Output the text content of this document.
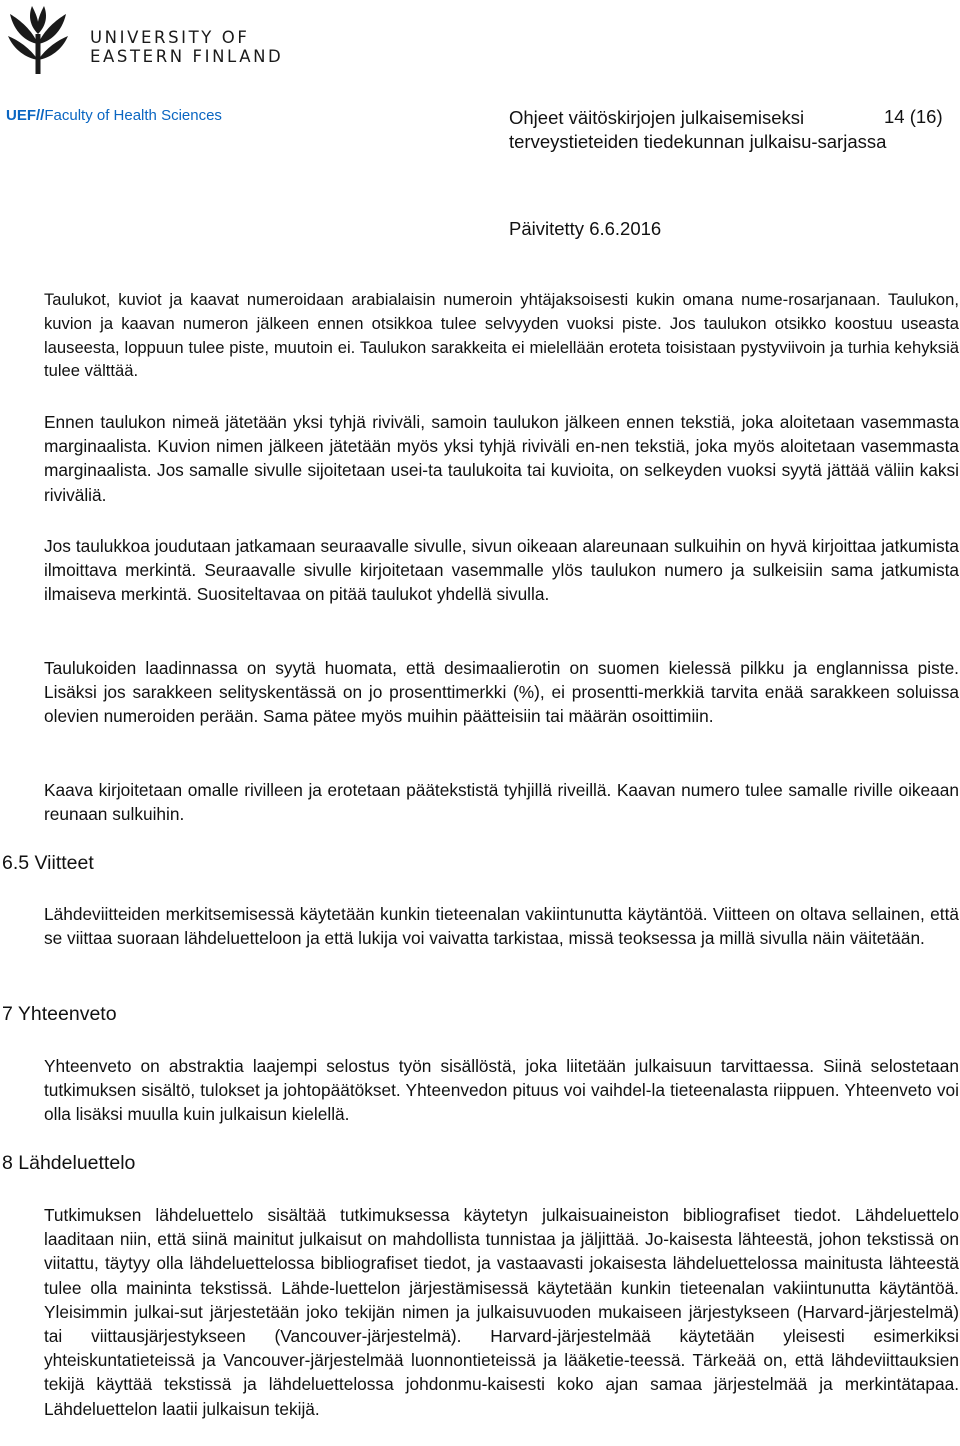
UNIVERSITY OF
EASTERN FINLAND
UEF//Faculty of Health Sciences	Ohjeet väitöskirjojen julkaisemiseksi terveystieteiden tiedekunnan julkaisu-sarjassa
14 (16)
Päivitetty 6.6.2016

Taulukot, kuviot ja kaavat numeroidaan arabialaisin numeroin yhtäjaksoisesti kukin omana nume-rosarjanaan. Taulukon, kuvion ja kaavan numeron jälkeen ennen otsikkoa tulee selvyyden vuoksi piste. Jos taulukon otsikko koostuu useasta lauseesta, loppuun tulee piste, muutoin ei. Taulukon sarakkeita ei mielellään eroteta toisistaan pystyviivoin ja turhia kehyksiä tulee välttää.

Ennen taulukon nimeä jätetään yksi tyhjä riviväli, samoin taulukon jälkeen ennen tekstiä, joka aloitetaan vasemmasta marginaalista. Kuvion nimen jälkeen jätetään myös yksi tyhjä riviväli en-nen tekstiä, joka myös aloitetaan vasemmasta marginaalista. Jos samalle sivulle sijoitetaan usei-ta taulukoita tai kuvioita, on selkeyden vuoksi syytä jättää väliin kaksi riviväliä.

Jos taulukkoa joudutaan jatkamaan seuraavalle sivulle, sivun oikeaan alareunaan sulkuihin on hyvä kirjoittaa jatkumista ilmoittava merkintä. Seuraavalle sivulle kirjoitetaan vasemmalle ylös taulukon numero ja sulkeisiin sama jatkumista ilmaiseva merkintä. Suositeltavaa on pitää taulukot yhdellä sivulla.

Taulukoiden laadinnassa on syytä huomata, että desimaalierotin on suomen kielessä pilkku ja englannissa piste. Lisäksi jos sarakkeen selityskentässä on jo prosenttimerkki (%), ei prosentti-merkkiä tarvita enää sarakkeen soluissa olevien numeroiden perään. Sama pätee myös muihin päätteisiin tai määrän osoittimiin.

Kaava kirjoitetaan omalle rivilleen ja erotetaan päätekstistä tyhjillä riveillä. Kaavan numero tulee samalle riville oikeaan reunaan sulkuihin.

6.5 Viitteet

Lähdeviitteiden merkitsemisessä käytetään kunkin tieteenalan vakiintunutta käytäntöä. Viitteen on oltava sellainen, että se viittaa suoraan lähdeluetteloon ja että lukija voi vaivatta tarkistaa, missä teoksessa ja millä sivulla näin väitetään.

7 Yhteenveto

Yhteenveto on abstraktia laajempi selostus työn sisällöstä, joka liitetään julkaisuun tarvittaessa. Siinä selostetaan tutkimuksen sisältö, tulokset ja johtopäätökset. Yhteenvedon pituus voi vaihdel-la tieteenalasta riippuen. Yhteenveto voi olla lisäksi muulla kuin julkaisun kielellä.

8 Lähdeluettelo

Tutkimuksen lähdeluettelo sisältää tutkimuksessa käytetyn julkaisuaineiston bibliografiset tiedot. Lähdeluettelo laaditaan niin, että siinä mainitut julkaisut on mahdollista tunnistaa ja jäljittää. Jo-kaisesta lähteestä, johon tekstissä on viitattu, täytyy olla lähdeluettelossa bibliografiset tiedot, ja vastaavasti jokaisesta lähdeluettelossa mainitusta lähteestä tulee olla maininta tekstissä. Lähde-luettelon järjestämisessä käytetään kunkin tieteenalan vakiintunutta käytäntöä. Yleisimmin julkai-sut järjestetään joko tekijän nimen ja julkaisuvuoden mukaiseen järjestykseen (Harvard-järjestelmä) tai viittausjärjestykseen (Vancouver-järjestelmä). Harvard-järjestelmää käytetään yleisesti esimerkiksi yhteiskuntatieteissä ja Vancouver-järjestelmää luonnontieteissä ja lääketie-teessä. Tärkeää on, että lähdeviittauksien tekijä käyttää tekstissä ja lähdeluettelossa johdonmu-kaisesti koko ajan samaa järjestelmää ja merkintätapaa. Lähdeluettelon laatii julkaisun tekijä.
